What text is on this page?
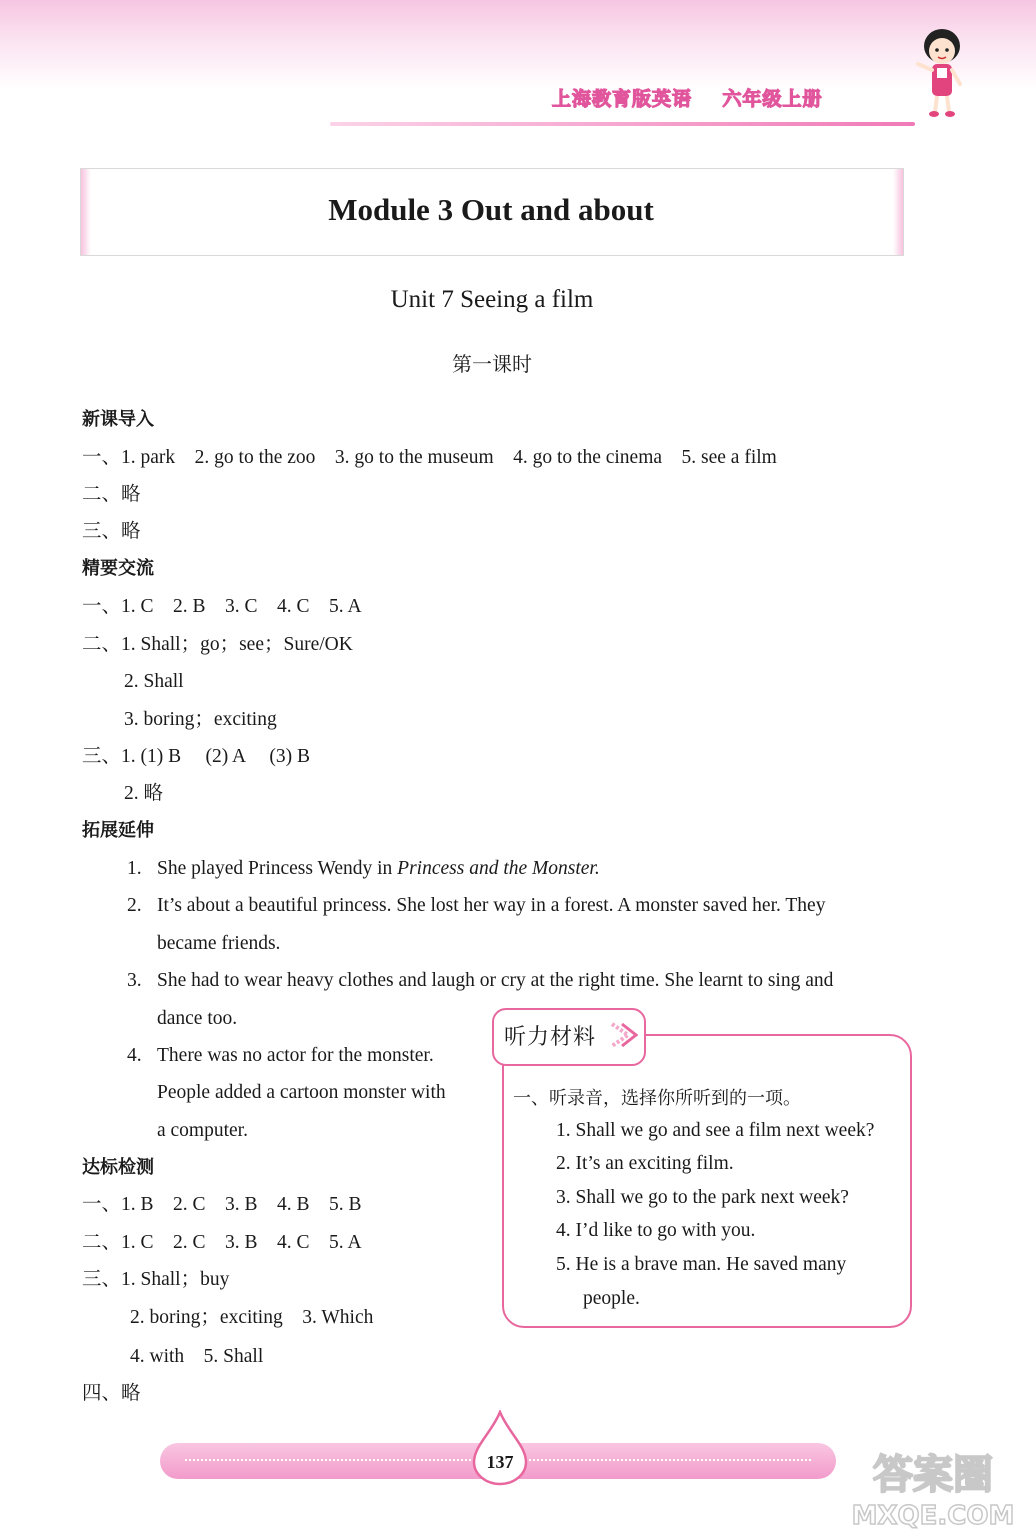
上海教育版英语    六年级上册
Module 3 Out and about
Unit 7 Seeing a film
第一课时
新课导入
一、1. park    2. go to the zoo    3. go to the museum    4. go to the cinema    5. see a film
二、略
三、略
精要交流
一、1. C    2. B    3. C    4. C    5. A
二、1. Shall；go；see；Sure/OK
2. Shall
3. boring；exciting
三、1. (1) B     (2) A     (3) B
2. 略
拓展延伸
1. She played Princess Wendy in Princess and the Monster.
2. It’s about a beautiful princess. She lost her way in a forest. A monster saved her. They
became friends.
3. She had to wear heavy clothes and laugh or cry at the right time. She learnt to sing and
dance too.
4. There was no actor for the monster.
People added a cartoon monster with
a computer.
达标检测
一、1. B    2. C    3. B    4. B    5. B
二、1. C    2. C    3. B    4. C    5. A
三、1. Shall；buy
2. boring；exciting    3. Which
4. with    5. Shall
四、略
听力材料
一、听录音，选择你所听到的一项。
1. Shall we go and see a film next week?
2. It’s an exciting film.
3. Shall we go to the park next week?
4. I’d like to go with you.
5. He is a brave man. He saved many
people.
137	答案圈
MXQE.COM
